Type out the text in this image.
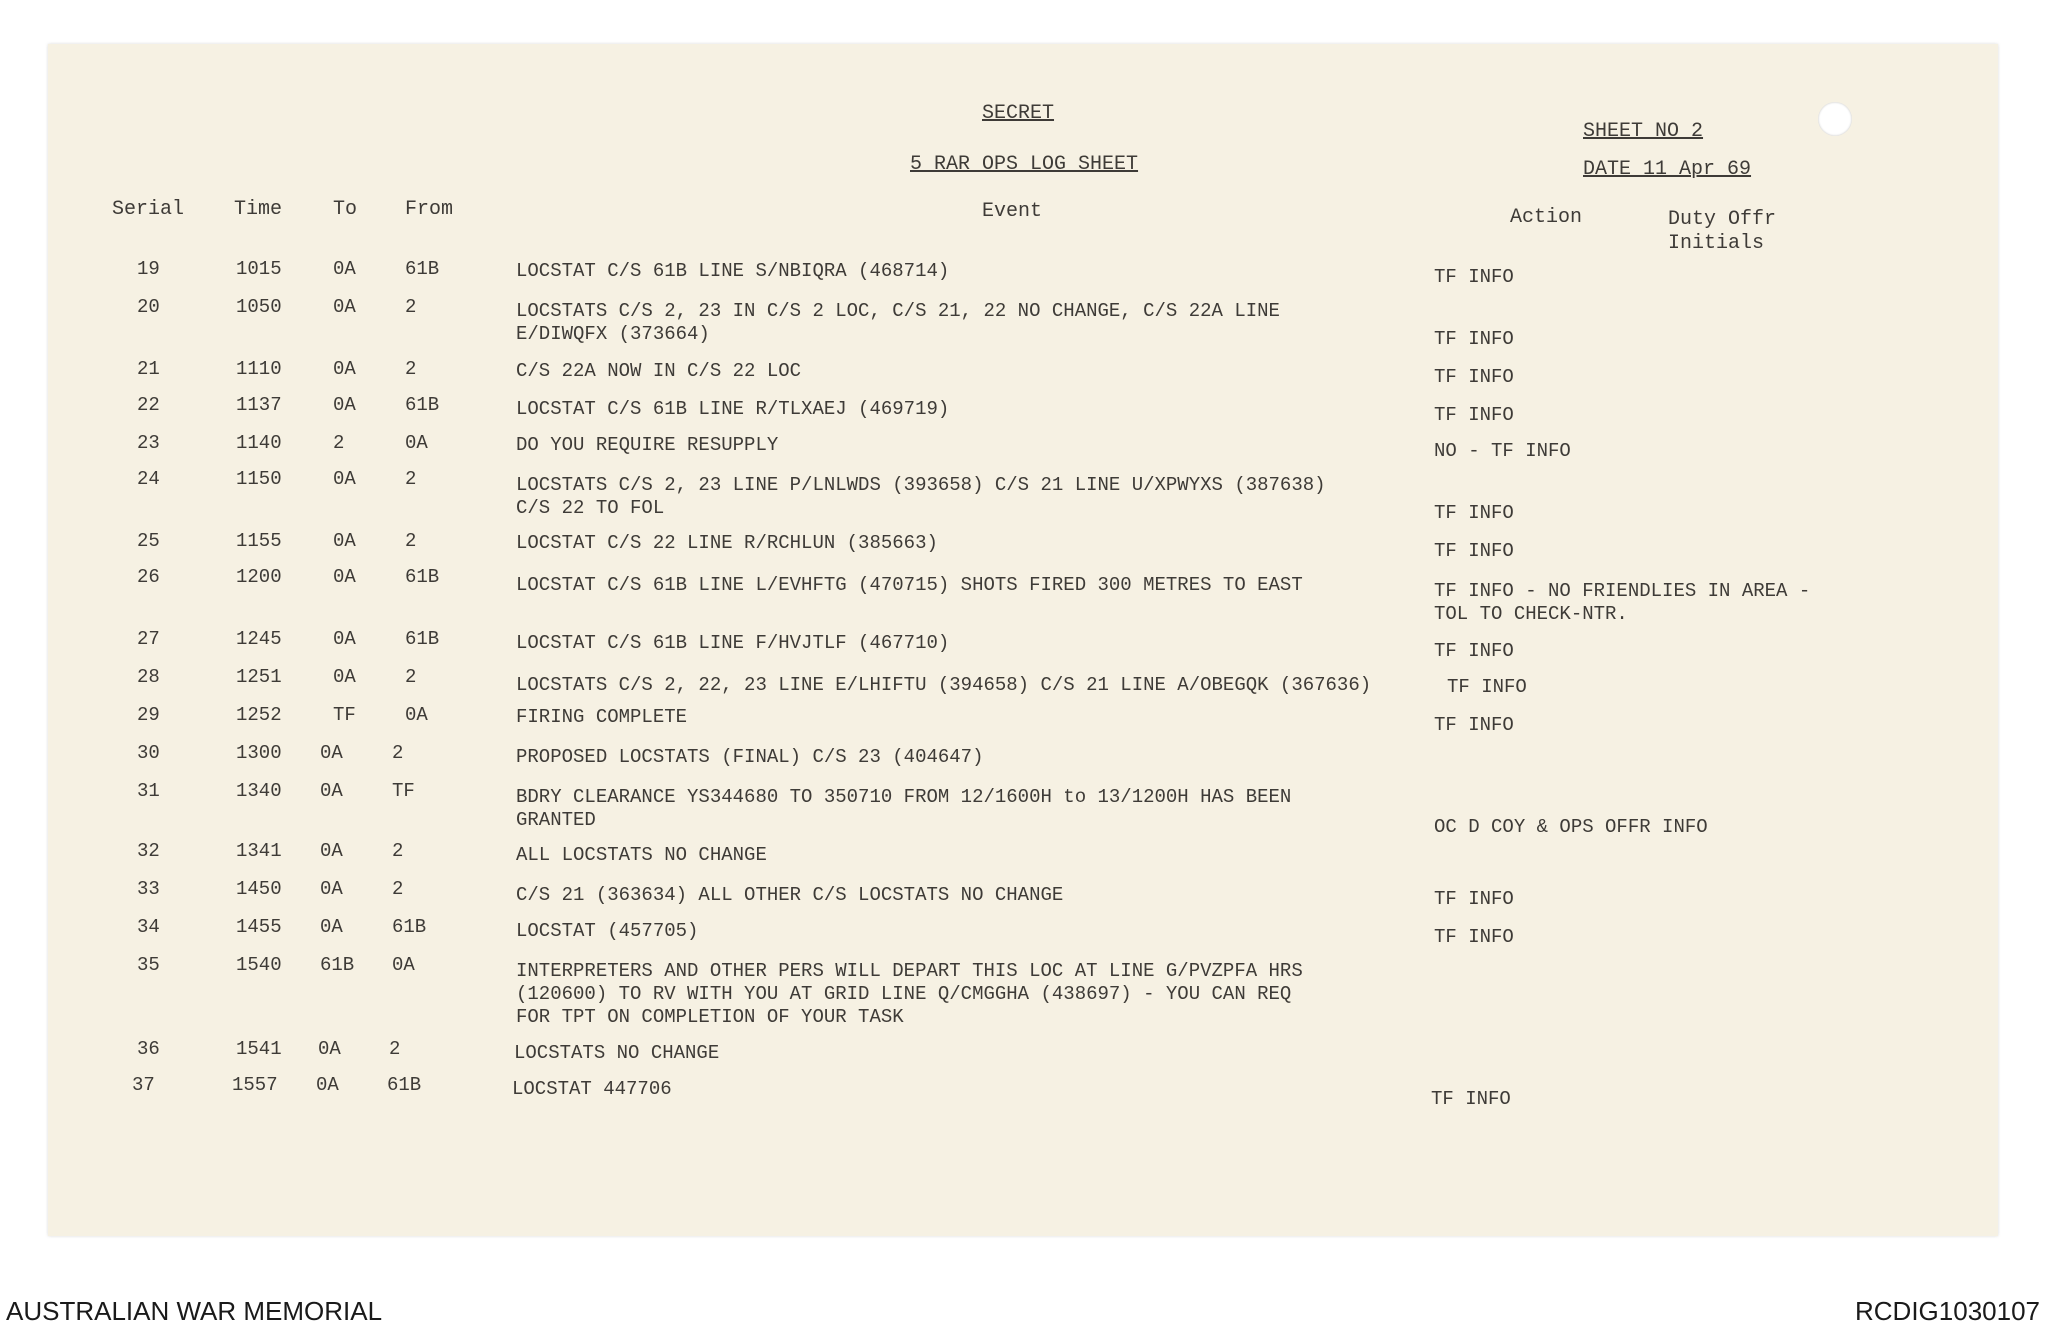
SECRET
5 RAR OPS LOG SHEET
SHEET NO 2
DATE 11 Apr 69
Serial Time	To From	Event	Action	Duty Offr
Initials
19	1015	0A	61B	LOCSTAT C/S 61B LINE S/NBIQRA (468714)	TF INFO
20	1050	0A	2	LOCSTATS C/S 2, 23 IN C/S 2 LOC, C/S 21, 22 NO CHANGE, C/S 22A LINE
E/DIWQFX (373664)	TF INFO
21	1110	0A	2	C/S 22A NOW IN C/S 22 LOC	TF INFO
22	1137	0A	61B	LOCSTAT C/S 61B LINE R/TLXAEJ (469719)	TF INFO
23	1140	2	0A	DO YOU REQUIRE RESUPPLY	NO - TF INFO
24	1150	0A	2	LOCSTATS C/S 2, 23 LINE P/LNLWDS (393658) C/S 21 LINE U/XPWYXS (387638)
C/S 22 TO FOL	TF INFO
25	1155	0A	2	LOCSTAT C/S 22 LINE R/RCHLUN (385663)	TF INFO
26	1200	0A	61B	LOCSTAT C/S 61B LINE L/EVHFTG (470715) SHOTS FIRED 300 METRES TO EAST	TF INFO - NO FRIENDLIES IN AREA -
TOL TO CHECK-NTR.
27	1245	0A	61B	LOCSTAT C/S 61B LINE F/HVJTLF (467710)	TF INFO
28	1251	0A	2	LOCSTATS C/S 2, 22, 23 LINE E/LHIFTU (394658) C/S 21 LINE A/OBEGQK (367636)	TF INFO
29	1252	TF	0A	FIRING COMPLETE	TF INFO
30	1300 0A	2	PROPOSED LOCSTATS (FINAL) C/S 23 (404647)
31	1340 0A	TF	BDRY CLEARANCE YS344680 TO 350710 FROM 12/1600H to 13/1200H HAS BEEN
GRANTED	OC D COY & OPS OFFR INFO
32	1341 0A	2	ALL LOCSTATS NO CHANGE
33	1450 0A	2	C/S 21 (363634) ALL OTHER C/S LOCSTATS NO CHANGE	TF INFO
34	1455 0A	61B	LOCSTAT (457705)	TF INFO
35	1540 61B 0A	INTERPRETERS AND OTHER PERS WILL DEPART THIS LOC AT LINE G/PVZPFA HRS
(120600) TO RV WITH YOU AT GRID LINE Q/CMGGHA (438697) - YOU CAN REQ
FOR TPT ON COMPLETION OF YOUR TASK
36	1541 0A	2	LOCSTATS NO CHANGE
37	1557 0A	61B	LOCSTAT 447706	TF INFO
AUSTRALIAN WAR MEMORIAL	RCDIG1030107
